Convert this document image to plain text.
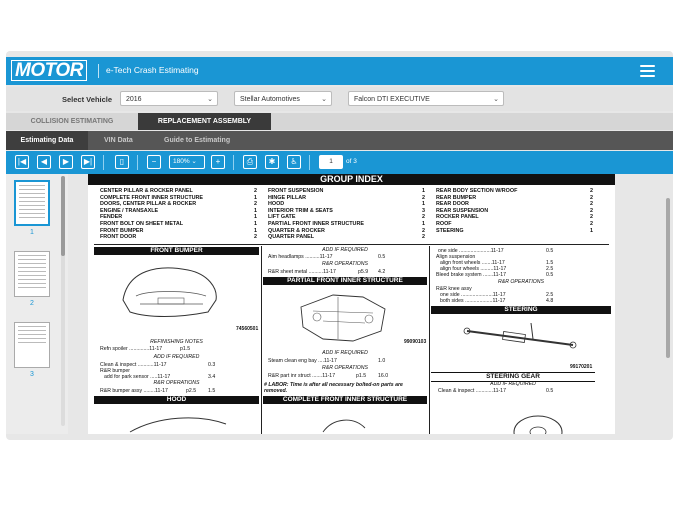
MOTOR	e-Tech Crash Estimating
Select Vehicle	2016	⌄	Stellar Automotives	⌄	Falcon DTI EXECUTIVE	⌄
COLLISION ESTIMATING	REPLACEMENT ASSEMBLY
Estimating Data	VIN Data	Guide to Estimating
|◀	◀	▶	▶|	▯	−	180% ⌄	+	⎙	✱	♿	1	of 3
1
2
3
GROUP INDEX
CENTER PILLAR & ROCKER PANEL	2
COMPLETE FRONT INNER STRUCTURE	1
DOORS, CENTER PILLAR & ROCKER	2
ENGINE / TRANSAXLE	1
FENDER	1
FRONT BOLT ON SHEET METAL	1
FRONT BUMPER	1
FRONT DOOR	2
FRONT SUSPENSION	1
HINGE PILLAR	2
HOOD	1
INTERIOR TRIM & SEATS	3
LIFT GATE	2
PARTIAL FRONT INNER STRUCTURE	1
QUARTER & ROCKER	2
QUARTER PANEL	2
REAR BODY SECTION W/ROOF	2
REAR BUMPER	2
REAR DOOR	2
REAR SUSPENSION	2
ROCKER PANEL	2
ROOF	2
STEERING	1
FRONT BUMPER
74560501
REFINISHING NOTES
Refn spoiler ..............11-17	p1.5
ADD IF REQUIRED
Clean & inspect ...........11-17	0.3
R&R bumper
add for park sensor .....11-17	3.4
R&R OPERATIONS
R&R bumper assy ........11-17	p2.5 1.5
HOOD
ADD IF REQUIRED
Aim headlamps ..........11-17	0.5
R&R OPERATIONS
R&R sheet metal ..........11-17	p5.9 4.2
PARTIAL FRONT INNER STRUCTURE
99090103
ADD IF REQUIRED
Steam clean eng bay ....11-17	1.0
R&R OPERATIONS
R&R part inr struct .......11-17	p1.5 16.0
# LABOR: Time is after all necessary bolted-on parts are removed.
COMPLETE FRONT INNER STRUCTURE
one side ......................11-17	0.5
Align suspension
align front wheels .......11-17	1.5
align four wheels .........11-17	2.5
Bleed brake system .......11-17	0.5
R&R OPERATIONS
R&R knee assy
one side ......................11-17	2.5
both sides ...................11-17	4.8
STEERING
99170201
STEERING GEAR
ADD IF REQUIRED
Clean & inspect ............11-17	0.5
